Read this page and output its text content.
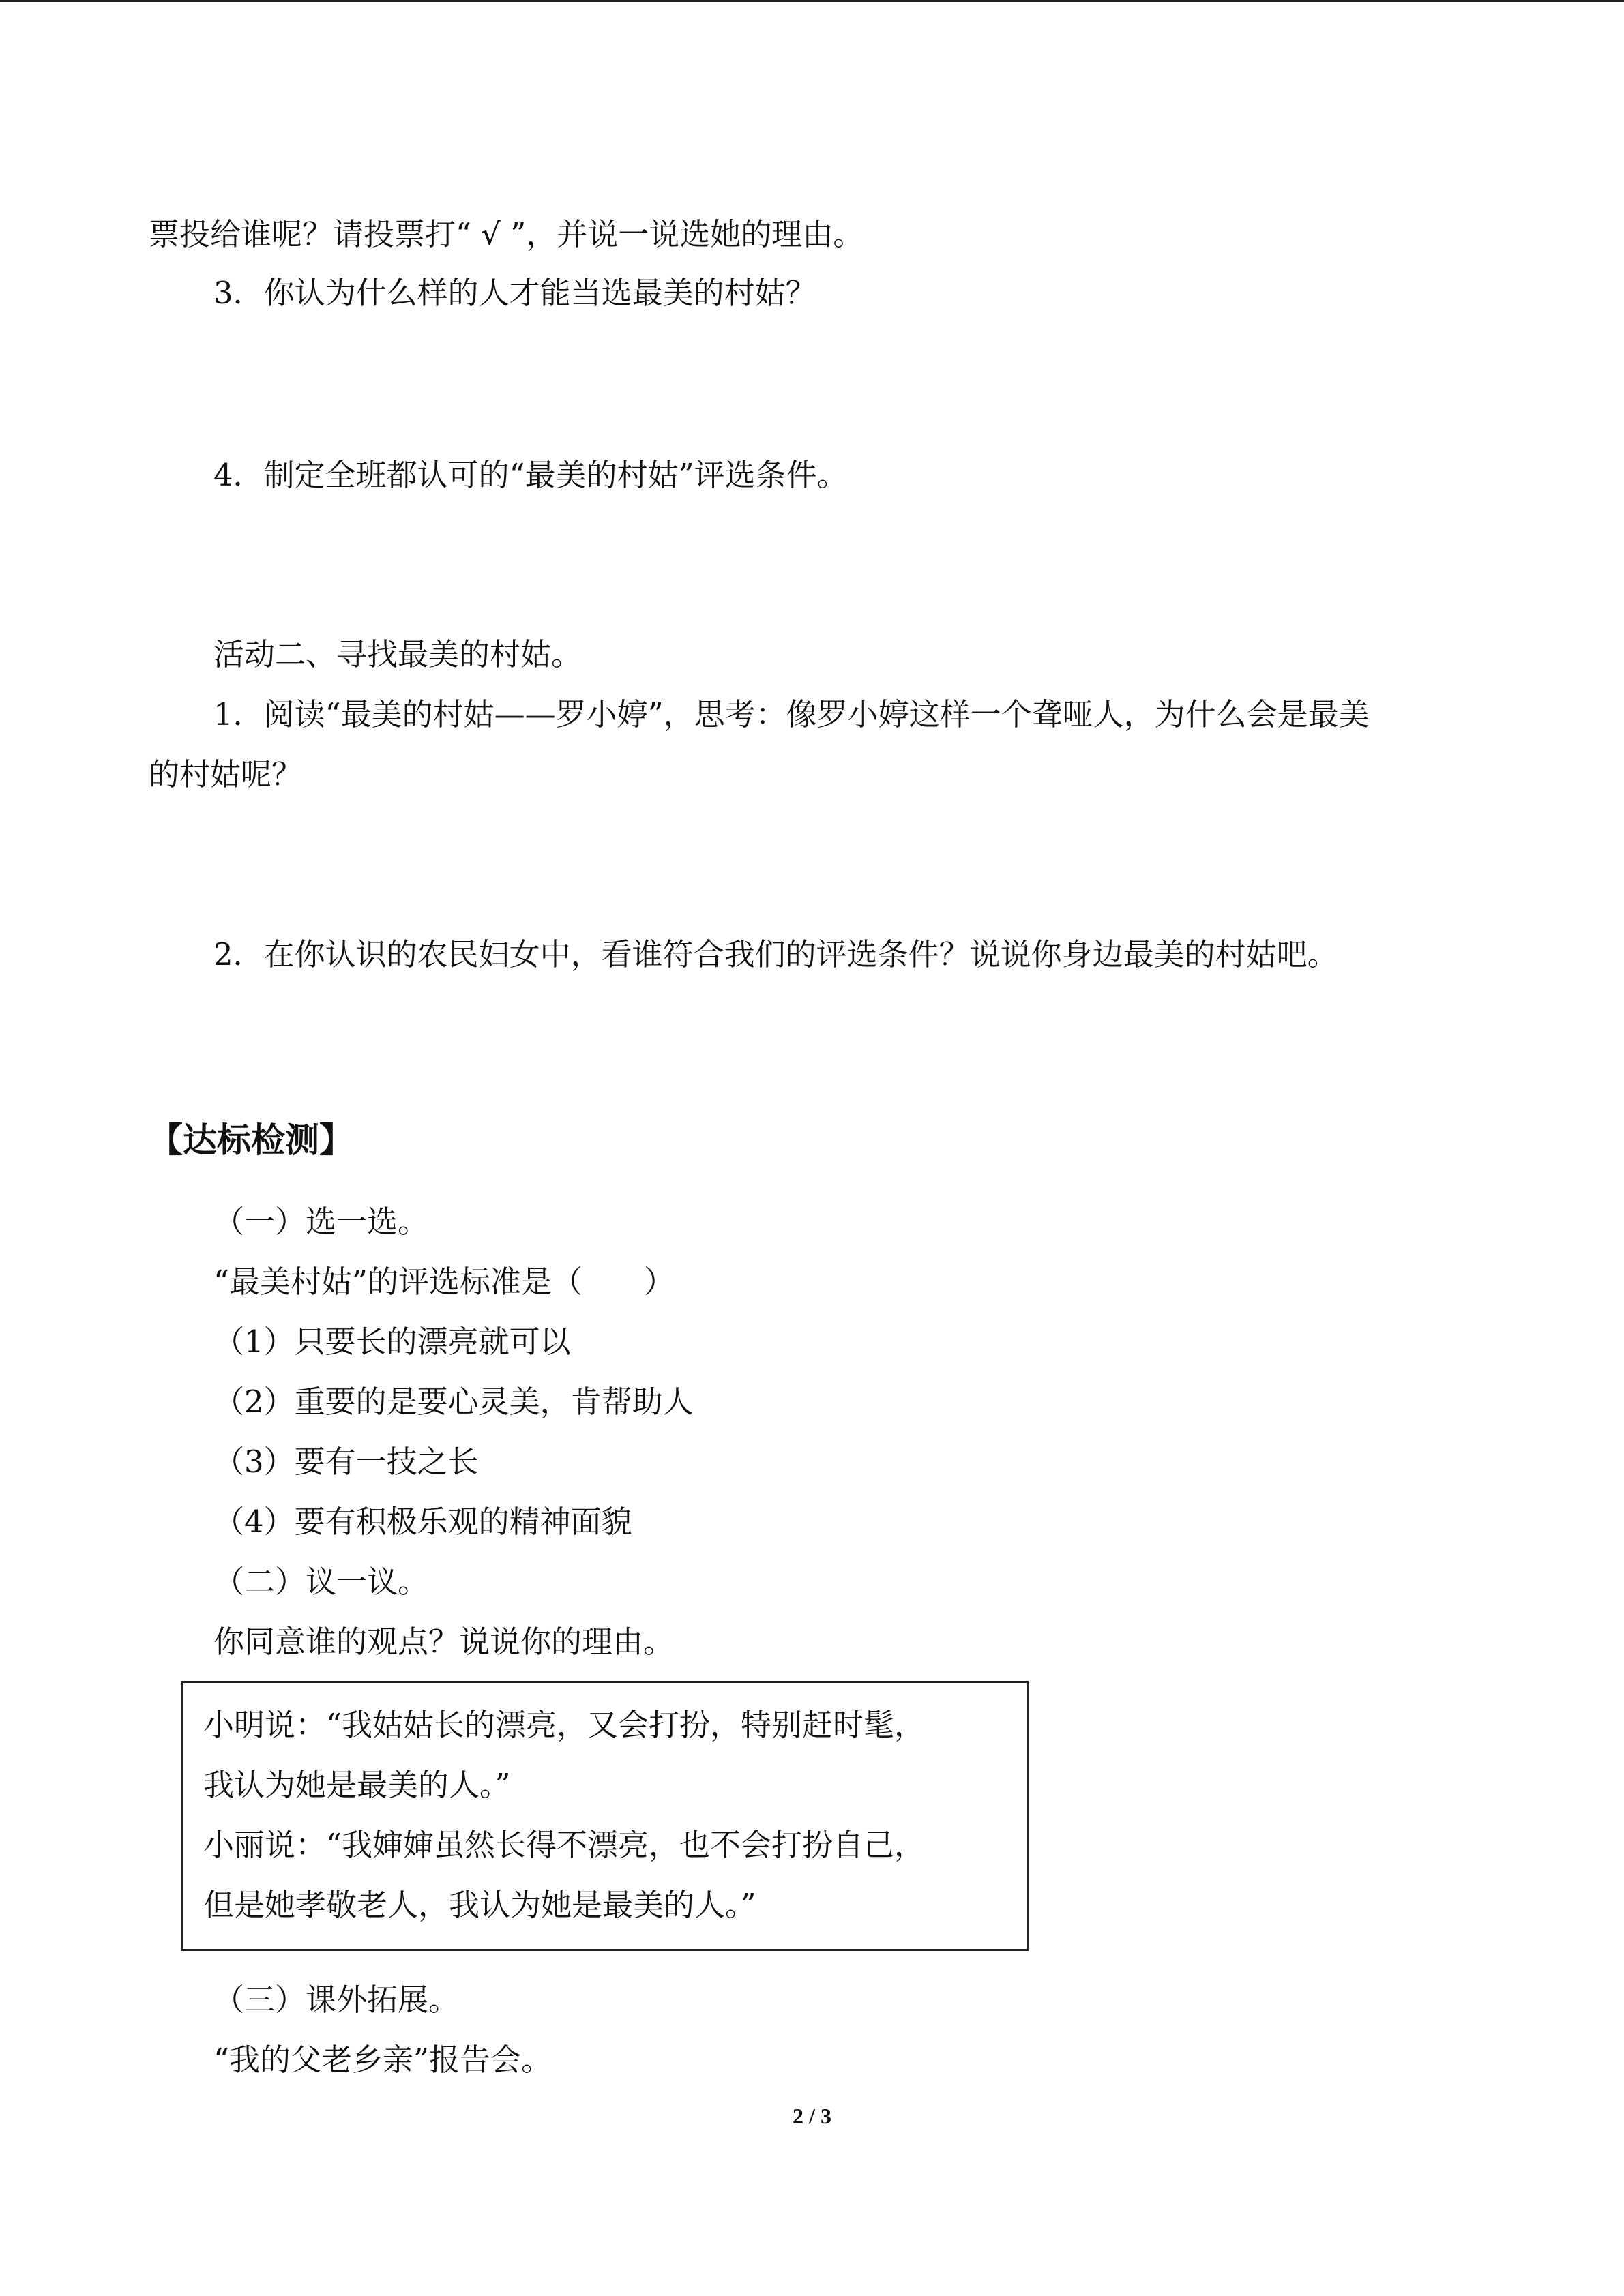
票投给谁呢？请投票打“ √ ”，并说一说选她的理由。
3．你认为什么样的人才能当选最美的村姑？
4．制定全班都认可的“最美的村姑”评选条件。
活动二、寻找最美的村姑。
1．阅读“最美的村姑——罗小婷”，思考：像罗小婷这样一个聋哑人，为什么会是最美
的村姑呢？
2．在你认识的农民妇女中，看谁符合我们的评选条件？说说你身边最美的村姑吧。
【达标检测】
（一）选一选。
“最美村姑”的评选标准是（　　）
（1）只要长的漂亮就可以
（2）重要的是要心灵美，肯帮助人
（3）要有一技之长
（4）要有积极乐观的精神面貌
（二）议一议。
你同意谁的观点？说说你的理由。
小明说：“我姑姑长的漂亮，又会打扮，特别赶时髦，
我认为她是最美的人。”
小丽说：“我婶婶虽然长得不漂亮，也不会打扮自己，
但是她孝敬老人，我认为她是最美的人。”
（三）课外拓展。
“我的父老乡亲”报告会。
2 / 3
